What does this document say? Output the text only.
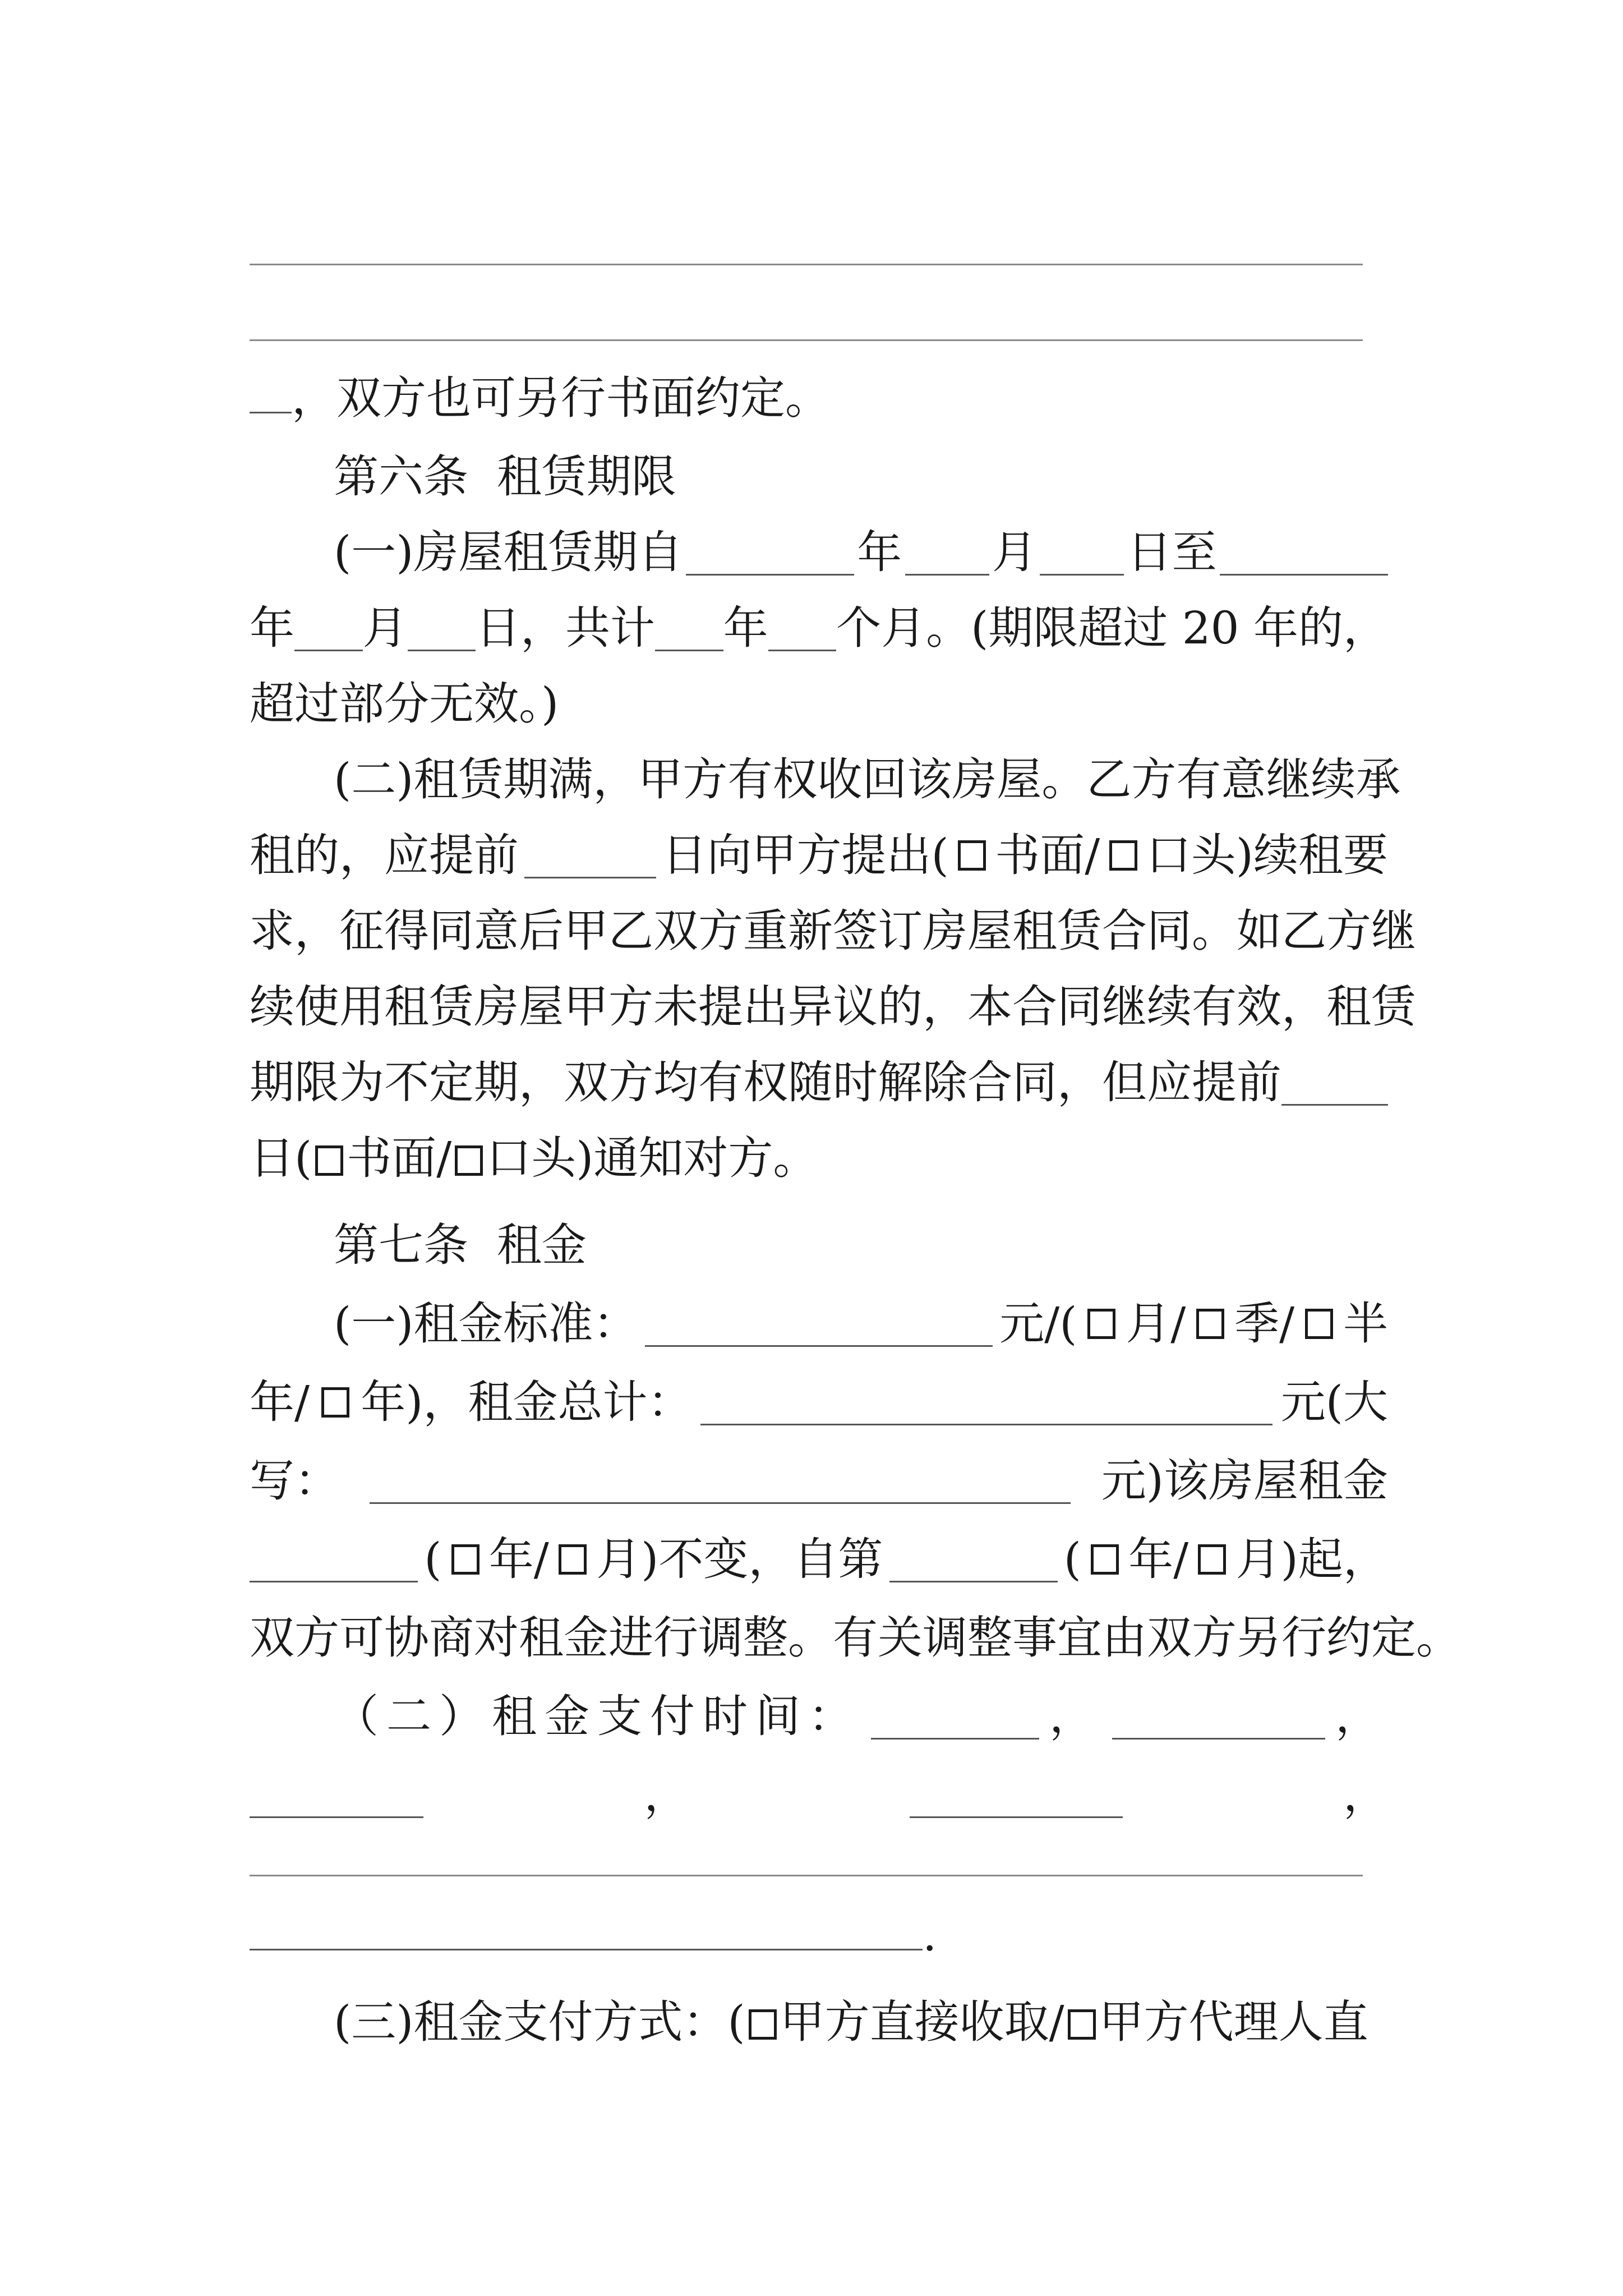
，双方也可另行书面约定。
第六条  租赁期限
(一)房屋租赁期自	年 月 日至
年 月 日，共计 年 个月。(期限超过 20 年的，
超过部分无效。)
(二)租赁期满，甲方有权收回该房屋。乙方有意继续承
租的，应提前	日向甲方提出( 书面/ 口头)续租要
求，征得同意后甲乙双方重新签订房屋租赁合同。如乙方继
续使用租赁房屋甲方未提出异议的，本合同继续有效，租赁
期限为不定期，双方均有权随时解除合同，但应提前
日( 书面/ 口头)通知对方。
第七条  租金
(一)租金标准：	元/( 月/ 季/ 半
年/ 年)，租金总计：	元(大
写：	元)该房屋租金
( 年/ 月)不变，自第	( 年/ 月)起，
双方可协商对租金进行调整。有关调整事宜由双方另行约定。
（二）租金支付时间：	，	，
，	，
.
(三)租金支付方式：( 甲方直接收取/ 甲方代理人直
